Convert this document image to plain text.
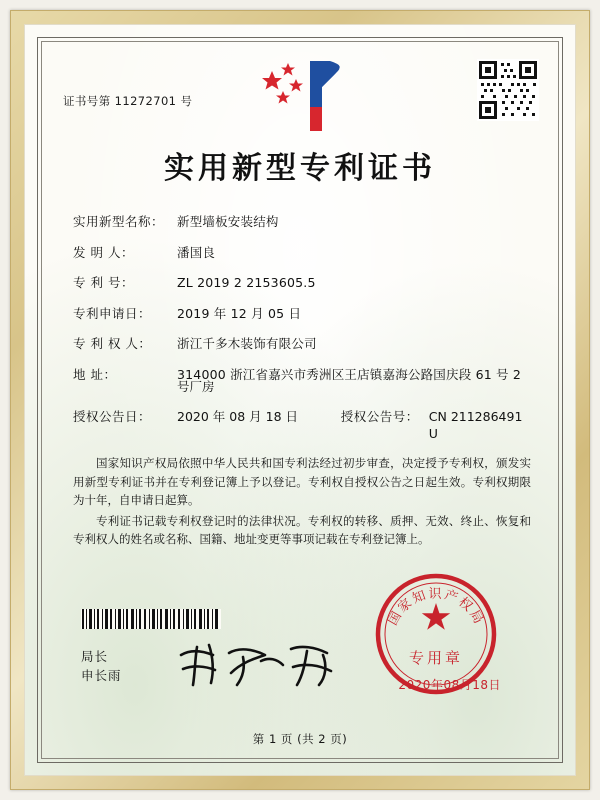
证书号第 11272701 号
实用新型专利证书
实用新型名称：	新型墙板安装结构
发 明 人：	潘国良
专 利 号：	ZL 2019 2 2153605.5
专利申请日：	2019 年 12 月 05 日
专 利 权 人：	浙江千多木装饰有限公司
地 址：	314000 浙江省嘉兴市秀洲区王店镇嘉海公路国庆段 61 号 2
号厂房
授权公告日：	2020 年 08 月 18 日	授权公告号： CN 211286491 U

国家知识产权局依照中华人民共和国专利法经过初步审查，决定授予专利权，颁发实用新型专利证书并在专利登记簿上予以登记。专利权自授权公告之日起生效。专利权期限为十年，自申请日起算。

专利证书记载专利权登记时的法律状况。专利权的转移、质押、无效、终止、恢复和专利权人的姓名或名称、国籍、地址变更等事项记载在专利登记簿上。

局长
申长雨
国家知识产权局
专用章
2020年08月18日
第 1 页 (共 2 页)
